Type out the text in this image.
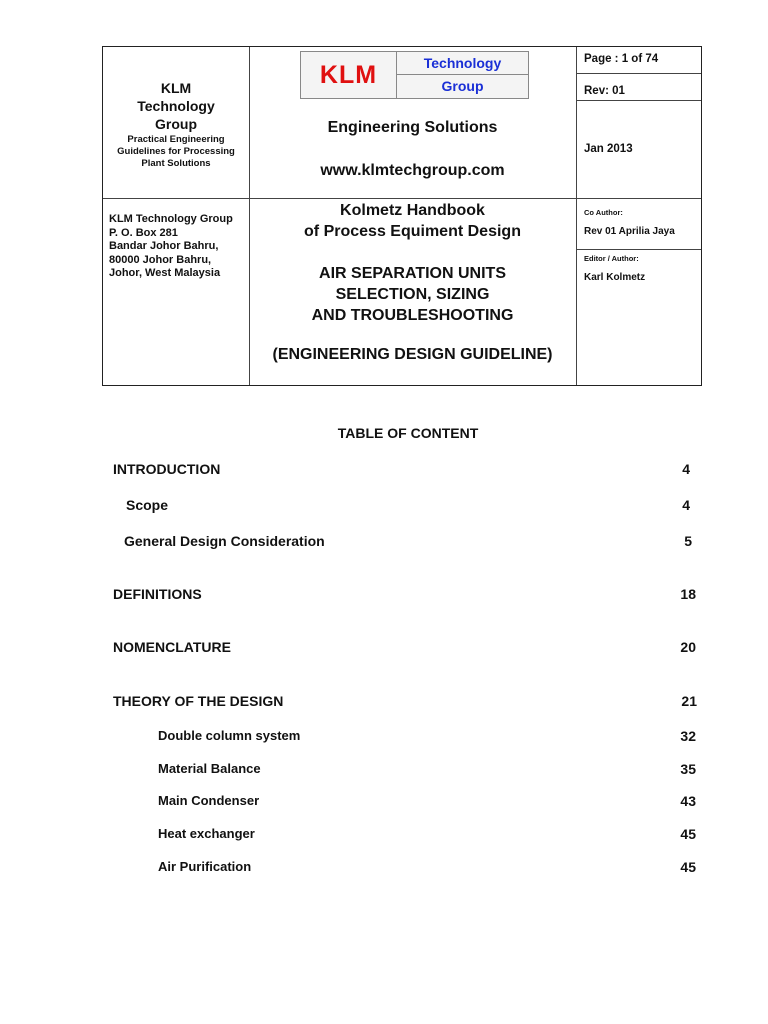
KLM Technology Group
Practical Engineering Guidelines for Processing Plant Solutions
KLM	Technology
Group
Engineering Solutions
www.klmtechgroup.com
Page : 1 of 74
Rev: 01
Jan 2013
KLM Technology Group
P. O. Box 281
Bandar Johor Bahru,
80000 Johor Bahru,
Johor, West Malaysia
Kolmetz Handbook
of Process Equiment Design
AIR SEPARATION UNITS
SELECTION, SIZING
AND TROUBLESHOOTING
(ENGINEERING DESIGN GUIDELINE)
Co Author:
Rev 01 Aprilia Jaya
Editor / Author:
Karl Kolmetz
TABLE OF CONTENT
INTRODUCTION	4
Scope	4
General Design Consideration	5
DEFINITIONS	18
NOMENCLATURE	20
THEORY OF THE DESIGN	21
Double column system	32
Material Balance	35
Main Condenser	43
Heat exchanger	45
Air Purification	45
